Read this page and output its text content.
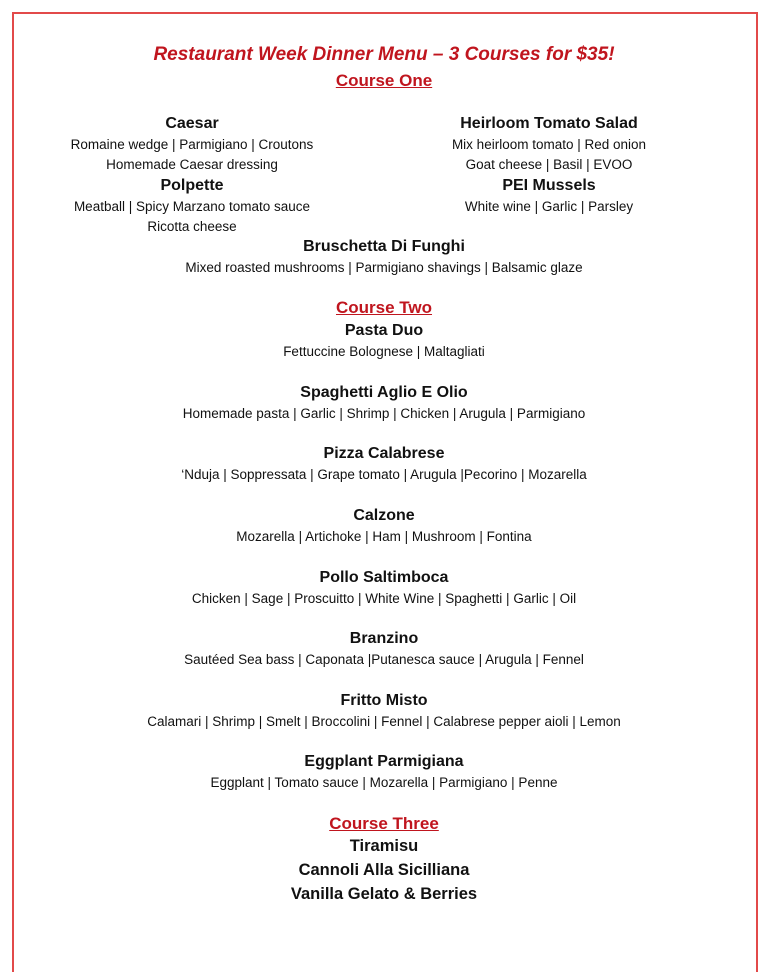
Restaurant Week Dinner Menu – 3 Courses for $35!
Course One
Caesar
Romaine wedge | Parmigiano | Croutons
Homemade Caesar dressing
Heirloom Tomato Salad
Mix heirloom tomato | Red onion
Goat cheese | Basil | EVOO
Polpette
Meatball | Spicy Marzano tomato sauce
Ricotta cheese
PEI Mussels
White wine | Garlic | Parsley
Bruschetta Di Funghi
Mixed roasted mushrooms | Parmigiano shavings | Balsamic glaze
Course Two
Pasta Duo
Fettuccine Bolognese | Maltagliati
Spaghetti Aglio E Olio
Homemade pasta | Garlic | Shrimp | Chicken | Arugula | Parmigiano
Pizza Calabrese
‘Nduja | Soppressata | Grape tomato | Arugula |Pecorino | Mozarella
Calzone
Mozarella | Artichoke | Ham | Mushroom | Fontina
Pollo Saltimboca
Chicken | Sage | Proscuitto | White Wine | Spaghetti | Garlic | Oil
Branzino
Sautéed Sea bass | Caponata |Putanesca sauce | Arugula | Fennel
Fritto Misto
Calamari | Shrimp | Smelt | Broccolini | Fennel | Calabrese pepper aioli | Lemon
Eggplant Parmigiana
Eggplant | Tomato sauce | Mozarella | Parmigiano | Penne
Course Three
Tiramisu
Cannoli Alla Sicilliana
Vanilla Gelato & Berries
